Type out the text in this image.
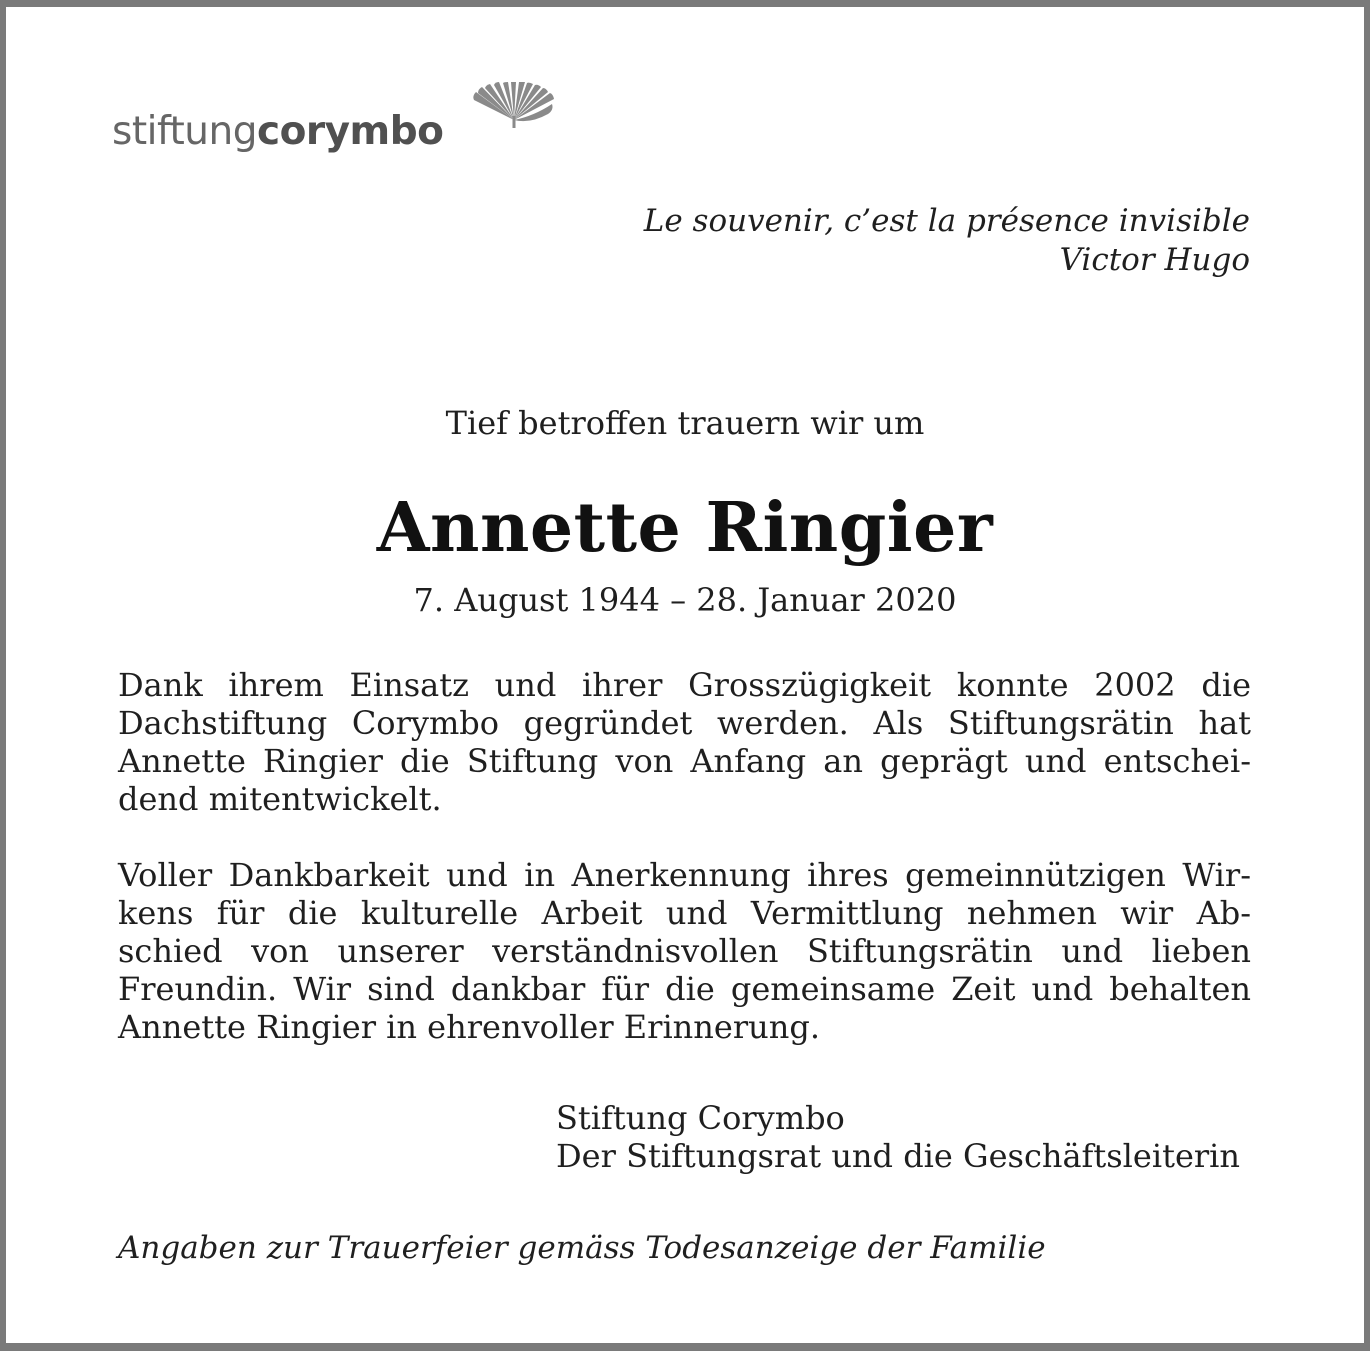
stiftungcorymbo
Le souvenir, c’est la présence invisible
Victor Hugo
Tief betroffen trauern wir um
Annette Ringier
7. August 1944 – 28. Januar 2020
Dank ihrem Einsatz und ihrer Grosszügigkeit konnte 2002 die
Dachstiftung Corymbo gegründet werden. Als Stiftungsrätin hat
Annette Ringier die Stiftung von Anfang an geprägt und entschei-
dend mitentwickelt.
Voller Dankbarkeit und in Anerkennung ihres gemeinnützigen Wir-
kens für die kulturelle Arbeit und Vermittlung nehmen wir Ab-
schied von unserer verständnisvollen Stiftungsrätin und lieben
Freundin. Wir sind dankbar für die gemeinsame Zeit und behalten
Annette Ringier in ehrenvoller Erinnerung.
Stiftung Corymbo
Der Stiftungsrat und die Geschäftsleiterin
Angaben zur Trauerfeier gemäss Todesanzeige der Familie
